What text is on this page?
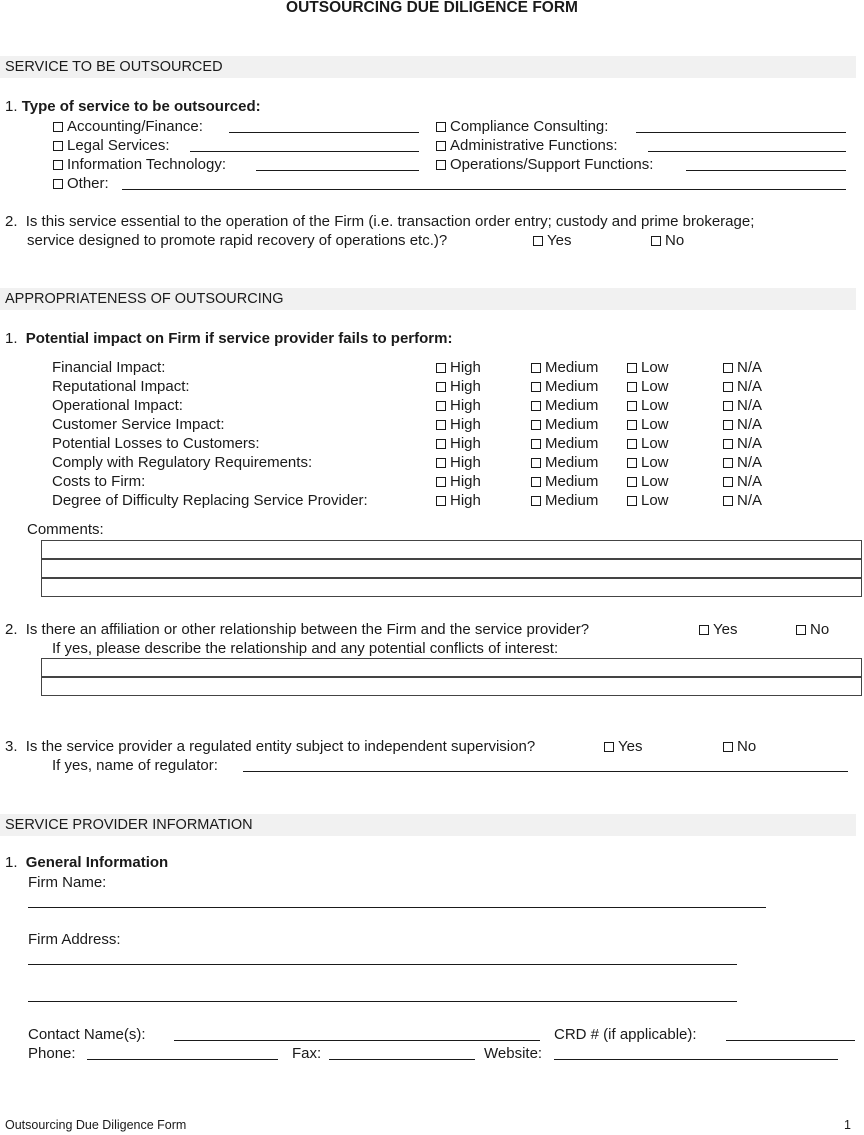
OUTSOURCING DUE DILIGENCE FORM
SERVICE TO BE OUTSOURCED
1. Type of service to be outsourced:
Accounting/Finance:	Compliance Consulting:
Legal Services:	Administrative Functions:
Information Technology:	Operations/Support Functions:
Other:
2. Is this service essential to the operation of the Firm (i.e. transaction order entry; custody and prime brokerage;
service designed to promote rapid recovery of operations etc.)?	Yes	No
APPROPRIATENESS OF OUTSOURCING
1. Potential impact on Firm if service provider fails to perform:
Financial Impact:	High	Medium	Low	N/A
Reputational Impact:	High	Medium	Low	N/A
Operational Impact:	High	Medium	Low	N/A
Customer Service Impact:	High	Medium	Low	N/A
Potential Losses to Customers:	High	Medium	Low	N/A
Comply with Regulatory Requirements:	High	Medium	Low	N/A
Costs to Firm:	High	Medium	Low	N/A
Degree of Difficulty Replacing Service Provider:	High	Medium	Low	N/A
Comments:
2. Is there an affiliation or other relationship between the Firm and the service provider?	Yes	No
If yes, please describe the relationship and any potential conflicts of interest:
3. Is the service provider a regulated entity subject to independent supervision?	Yes	No
If yes, name of regulator:
SERVICE PROVIDER INFORMATION
1. General Information
Firm Name:
Firm Address:
Contact Name(s):	CRD # (if applicable):
Phone:	Fax:	Website:
Outsourcing Due Diligence Form	1
